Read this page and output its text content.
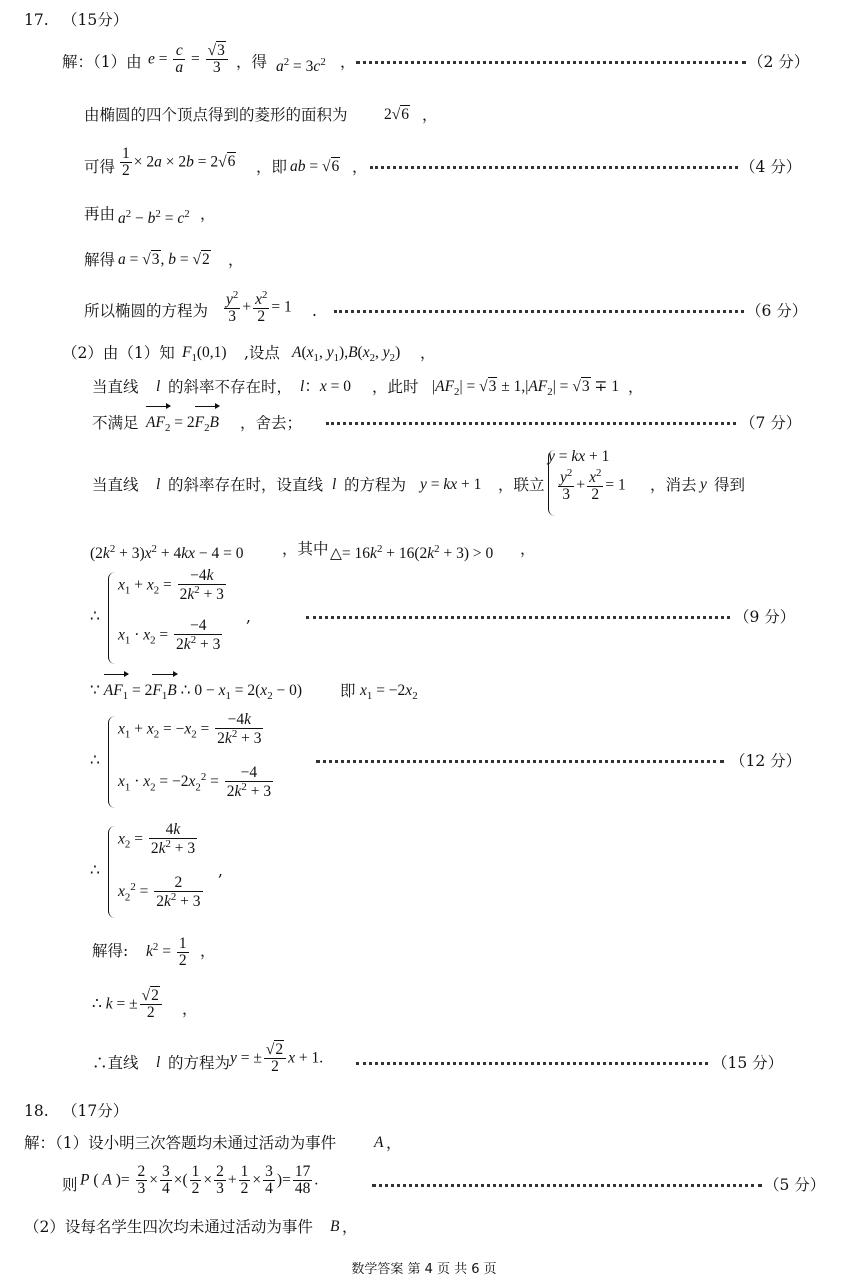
17. （15分）
解：（1）由 $e = \frac{c}{a} = \frac{√3}{3}$ ，得 $a^2 = 3c^2$ ，	（2 分）
由椭圆的四个顶点得到的菱形的面积为 2√6 ，
可得 $\frac{1}{2} \times 2a \times 2b = 2√6$ ，即 ab = √6 ，	（4 分）
再由 $a^2 - b^2 = c^2$ ，
解得 a = √3, b = √2 ，
所以椭圆的方程为 $\frac{y^2}{3} + \frac{x^2}{2} = 1$ .	（6 分）
（2）由（1）知 $F_1(0,1)$ ,设点 $A(x_1$, $y_1),B(x_2$, $y_2$) ，
当直线 l 的斜率不存在时， l：x = 0 ，此时 $|AF_2| = √3 \pm 1,|AF_2| = √3 \mp 1$ ，
不满足 $AF_2 = 2F_2B$ ，舍去；	（7 分）
当直线 l 的斜率存在时，设直线 l 的方程为 y = kx + 1 ，联立
y = kx + 1
$\frac{y^2}{3} + \frac{x^2}{2} = 1$ ，消去 y 得到
$(2k^2 + 3)x^2 + 4kx - 4 = 0$ ，其中 △= $16k^2 + 16(2k^2 + 3) > 0$ ，
∴
$x_1 + x_2 = \frac{-4k}{2k^2 + 3}$
$x_1 \cdot x_2 = \frac{-4}{2k^2 + 3}$
,	（9 分）
∵ $AF_1 = 2F_1B$ ∴ $0 - x_1 = 2(x_2 - 0)$ 即 $x_1 = -2x_2$
∴
$x_1 + x_2 = -x_2 = \frac{-4k}{2k^2 + 3}$
$x_1 \cdot x_2 = -2x_2^2 = \frac{-4}{2k^2 + 3}$
（12 分）
∴
$x_2 = \frac{4k}{2k^2 + 3}$
$x_2^2 = \frac{2}{2k^2 + 3}$
,
解得: $k^2 = \frac{1}{2}$ ，
∴ k = ± $\frac{√2}{2}$ ，
∴直线 l 的方程为 y = ± $\frac{√2}{2}$ x + 1.	（15 分）
18. （17分）
解：（1）设小明三次答题均未通过活动为事件 A ，
则 P ( A )= $\frac{2}{3} \times \frac{3}{4}$ ×( $\frac{1}{2} \times \frac{2}{3} + \frac{1}{2} \times \frac{3}{4}$ )= $\frac{17}{48}$ .	（5 分）
（2）设每名学生四次均未通过活动为事件 B ，
数学答案 第 4 页 共 6 页
